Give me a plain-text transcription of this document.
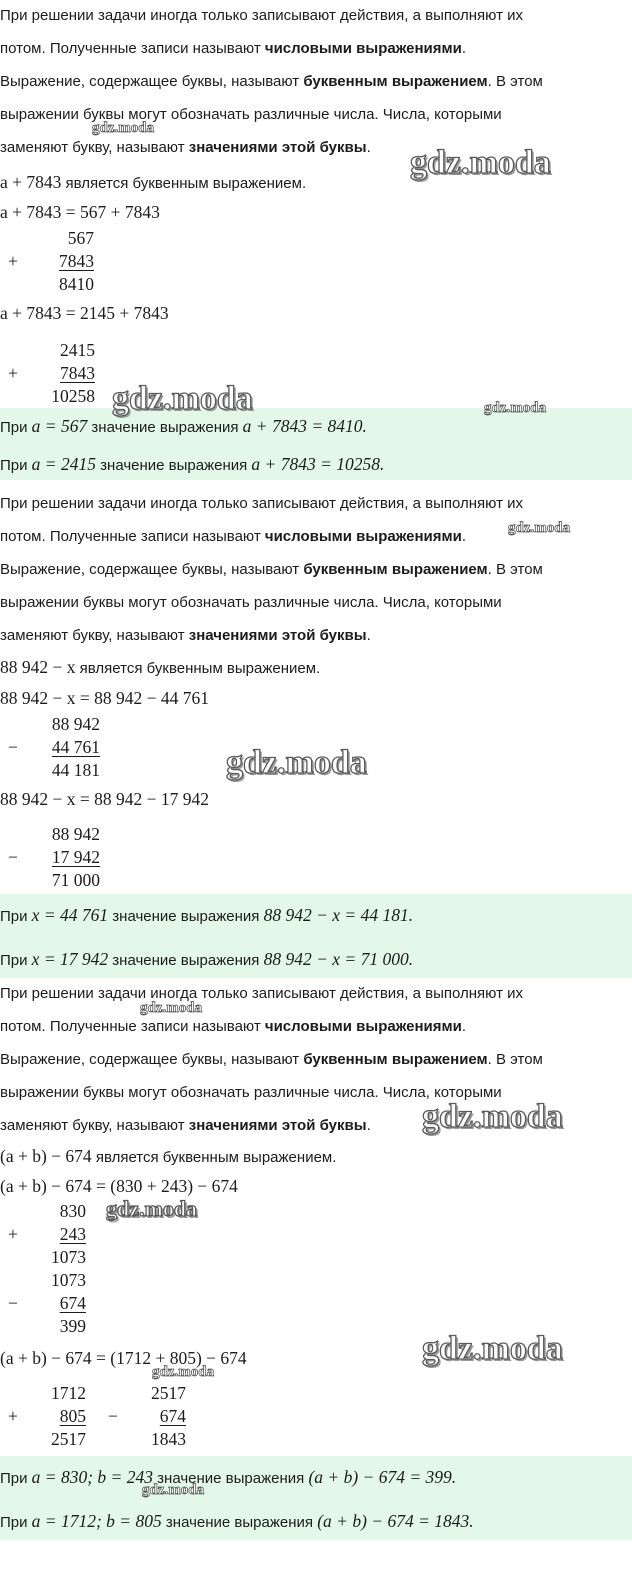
При решении задачи иногда только записывают действия, а выполняют их

потом. Полученные записи называют числовыми выражениями.

Выражение, содержащее буквы, называют буквенным выражением. В этом

выражении буквы могут обозначать различные числа. Числа, которыми

заменяют букву, называют значениями этой буквы.

a + 7843 является буквенным выражением.

a + 7843 = 567 + 7843

+
567
7843
8410

a + 7843 = 2145 + 7843

+
2415
7843
10258

При a = 567 значение выражения a + 7843 = 8410.

При a = 2415 значение выражения a + 7843 = 10258.

При решении задачи иногда только записывают действия, а выполняют их

потом. Полученные записи называют числовыми выражениями.

Выражение, содержащее буквы, называют буквенным выражением. В этом

выражении буквы могут обозначать различные числа. Числа, которыми

заменяют букву, называют значениями этой буквы.

88 942 − x является буквенным выражением.

88 942 − x = 88 942 − 44 761

−
88 942
44 761
44 181

88 942 − x = 88 942 − 17 942

−
88 942
17 942
71 000

При x = 44 761 значение выражения 88 942 − x = 44 181.

При x = 17 942 значение выражения 88 942 − x = 71 000.

При решении задачи иногда только записывают действия, а выполняют их

потом. Полученные записи называют числовыми выражениями.

Выражение, содержащее буквы, называют буквенным выражением. В этом

выражении буквы могут обозначать различные числа. Числа, которыми

заменяют букву, называют значениями этой буквы.

(a + b) − 674 является буквенным выражением.

(a + b) − 674 = (830 + 243) − 674

+
830
243
1073
−
1073
674
399

(a + b) − 674 = (1712 + 805) − 674

+
1712
805
2517
−
2517
674
1843

При a = 830; b = 243 значение выражения (a + b) − 674 = 399.

При a = 1712; b = 805 значение выражения (a + b) − 674 = 1843.

gdz.moda
gdz.moda
gdz.moda	gdz.moda
gdz.moda
gdz.moda
gdz.moda
gdz.moda
gdz.moda
gdz.moda
gdz.moda
gdz.moda
